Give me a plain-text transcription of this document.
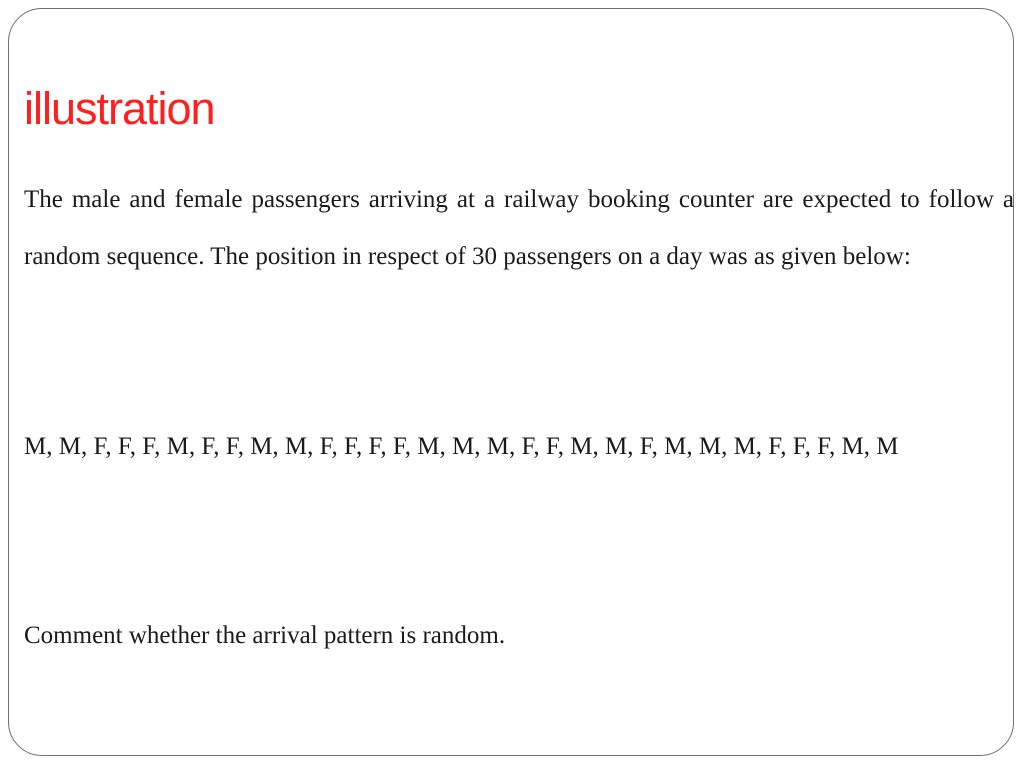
illustration

The male and female passengers arriving at a railway booking counter are expected to follow a random sequence. The position in respect of 30 passengers on a day was as given below:

M, M, F, F, F, M, F, F, M, M, F, F, F, F, M, M, M, F, F, M, M, F, M, M, M, F, F, F, M, M

Comment whether the arrival pattern is random.
